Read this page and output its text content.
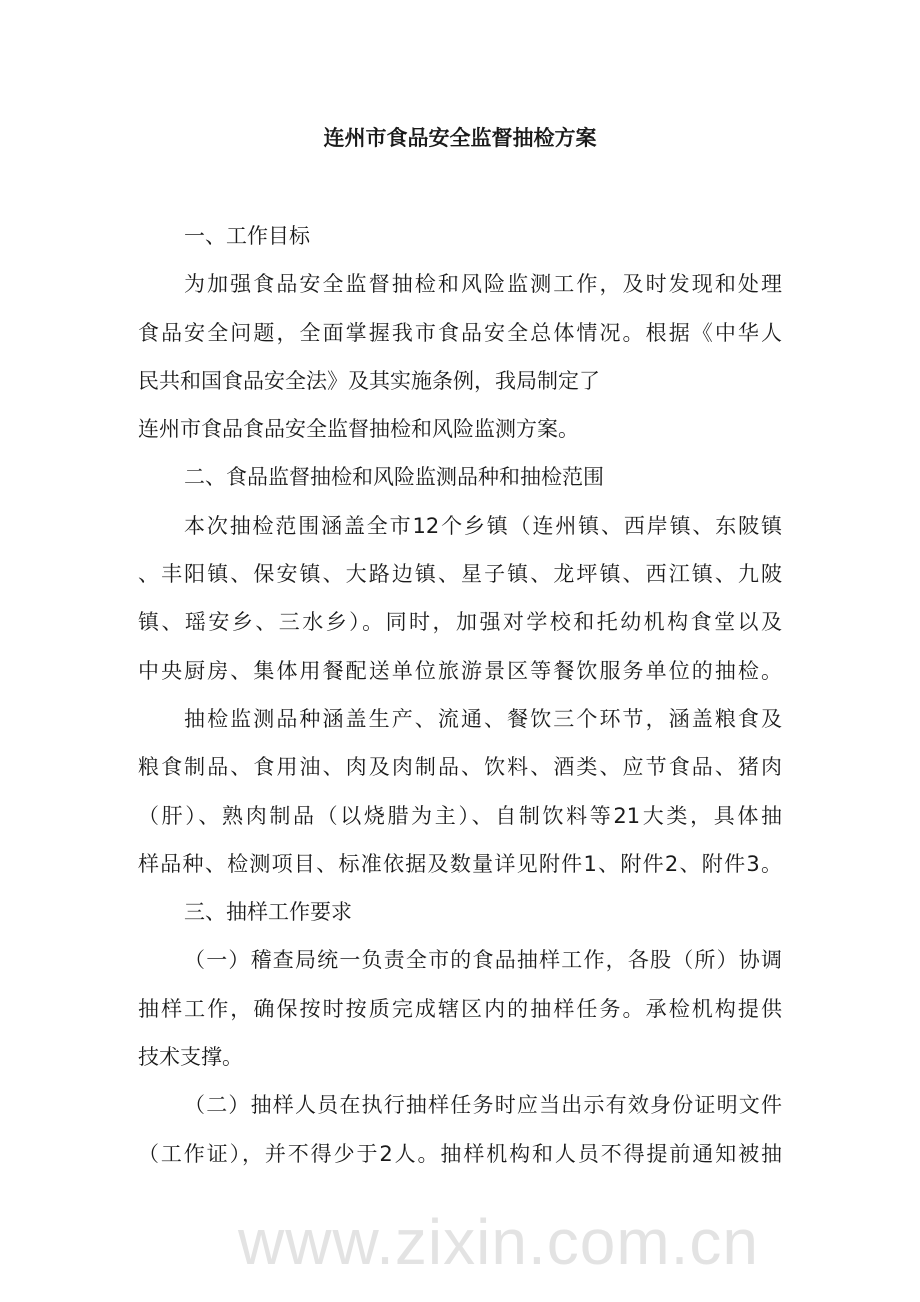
连州市食品安全监督抽检方案
一、工作目标
为加强食品安全监督抽检和风险监测工作，及时发现和处理
食品安全问题，全面掌握我市食品安全总体情况。根据《中华人
民共和国食品安全法》及其实施条例，我局制定了
连州市食品食品安全监督抽检和风险监测方案。
二、食品监督抽检和风险监测品种和抽检范围
本次抽检范围涵盖全市12个乡镇（连州镇、西岸镇、东陂镇
、丰阳镇、保安镇、大路边镇、星子镇、龙坪镇、西江镇、九陂
镇、瑶安乡、三水乡）。同时，加强对学校和托幼机构食堂以及
中央厨房、集体用餐配送单位旅游景区等餐饮服务单位的抽检。
抽检监测品种涵盖生产、流通、餐饮三个环节，涵盖粮食及
粮食制品、食用油、肉及肉制品、饮料、酒类、应节食品、猪肉
（肝）、熟肉制品（以烧腊为主）、自制饮料等21大类，具体抽
样品种、检测项目、标准依据及数量详见附件1、附件2、附件3。
三、抽样工作要求
（一）稽查局统一负责全市的食品抽样工作，各股（所）协调
抽样工作，确保按时按质完成辖区内的抽样任务。承检机构提供
技术支撑。
（二）抽样人员在执行抽样任务时应当出示有效身份证明文件
（工作证），并不得少于2人。抽样机构和人员不得提前通知被抽
www.zixin.com.cn
